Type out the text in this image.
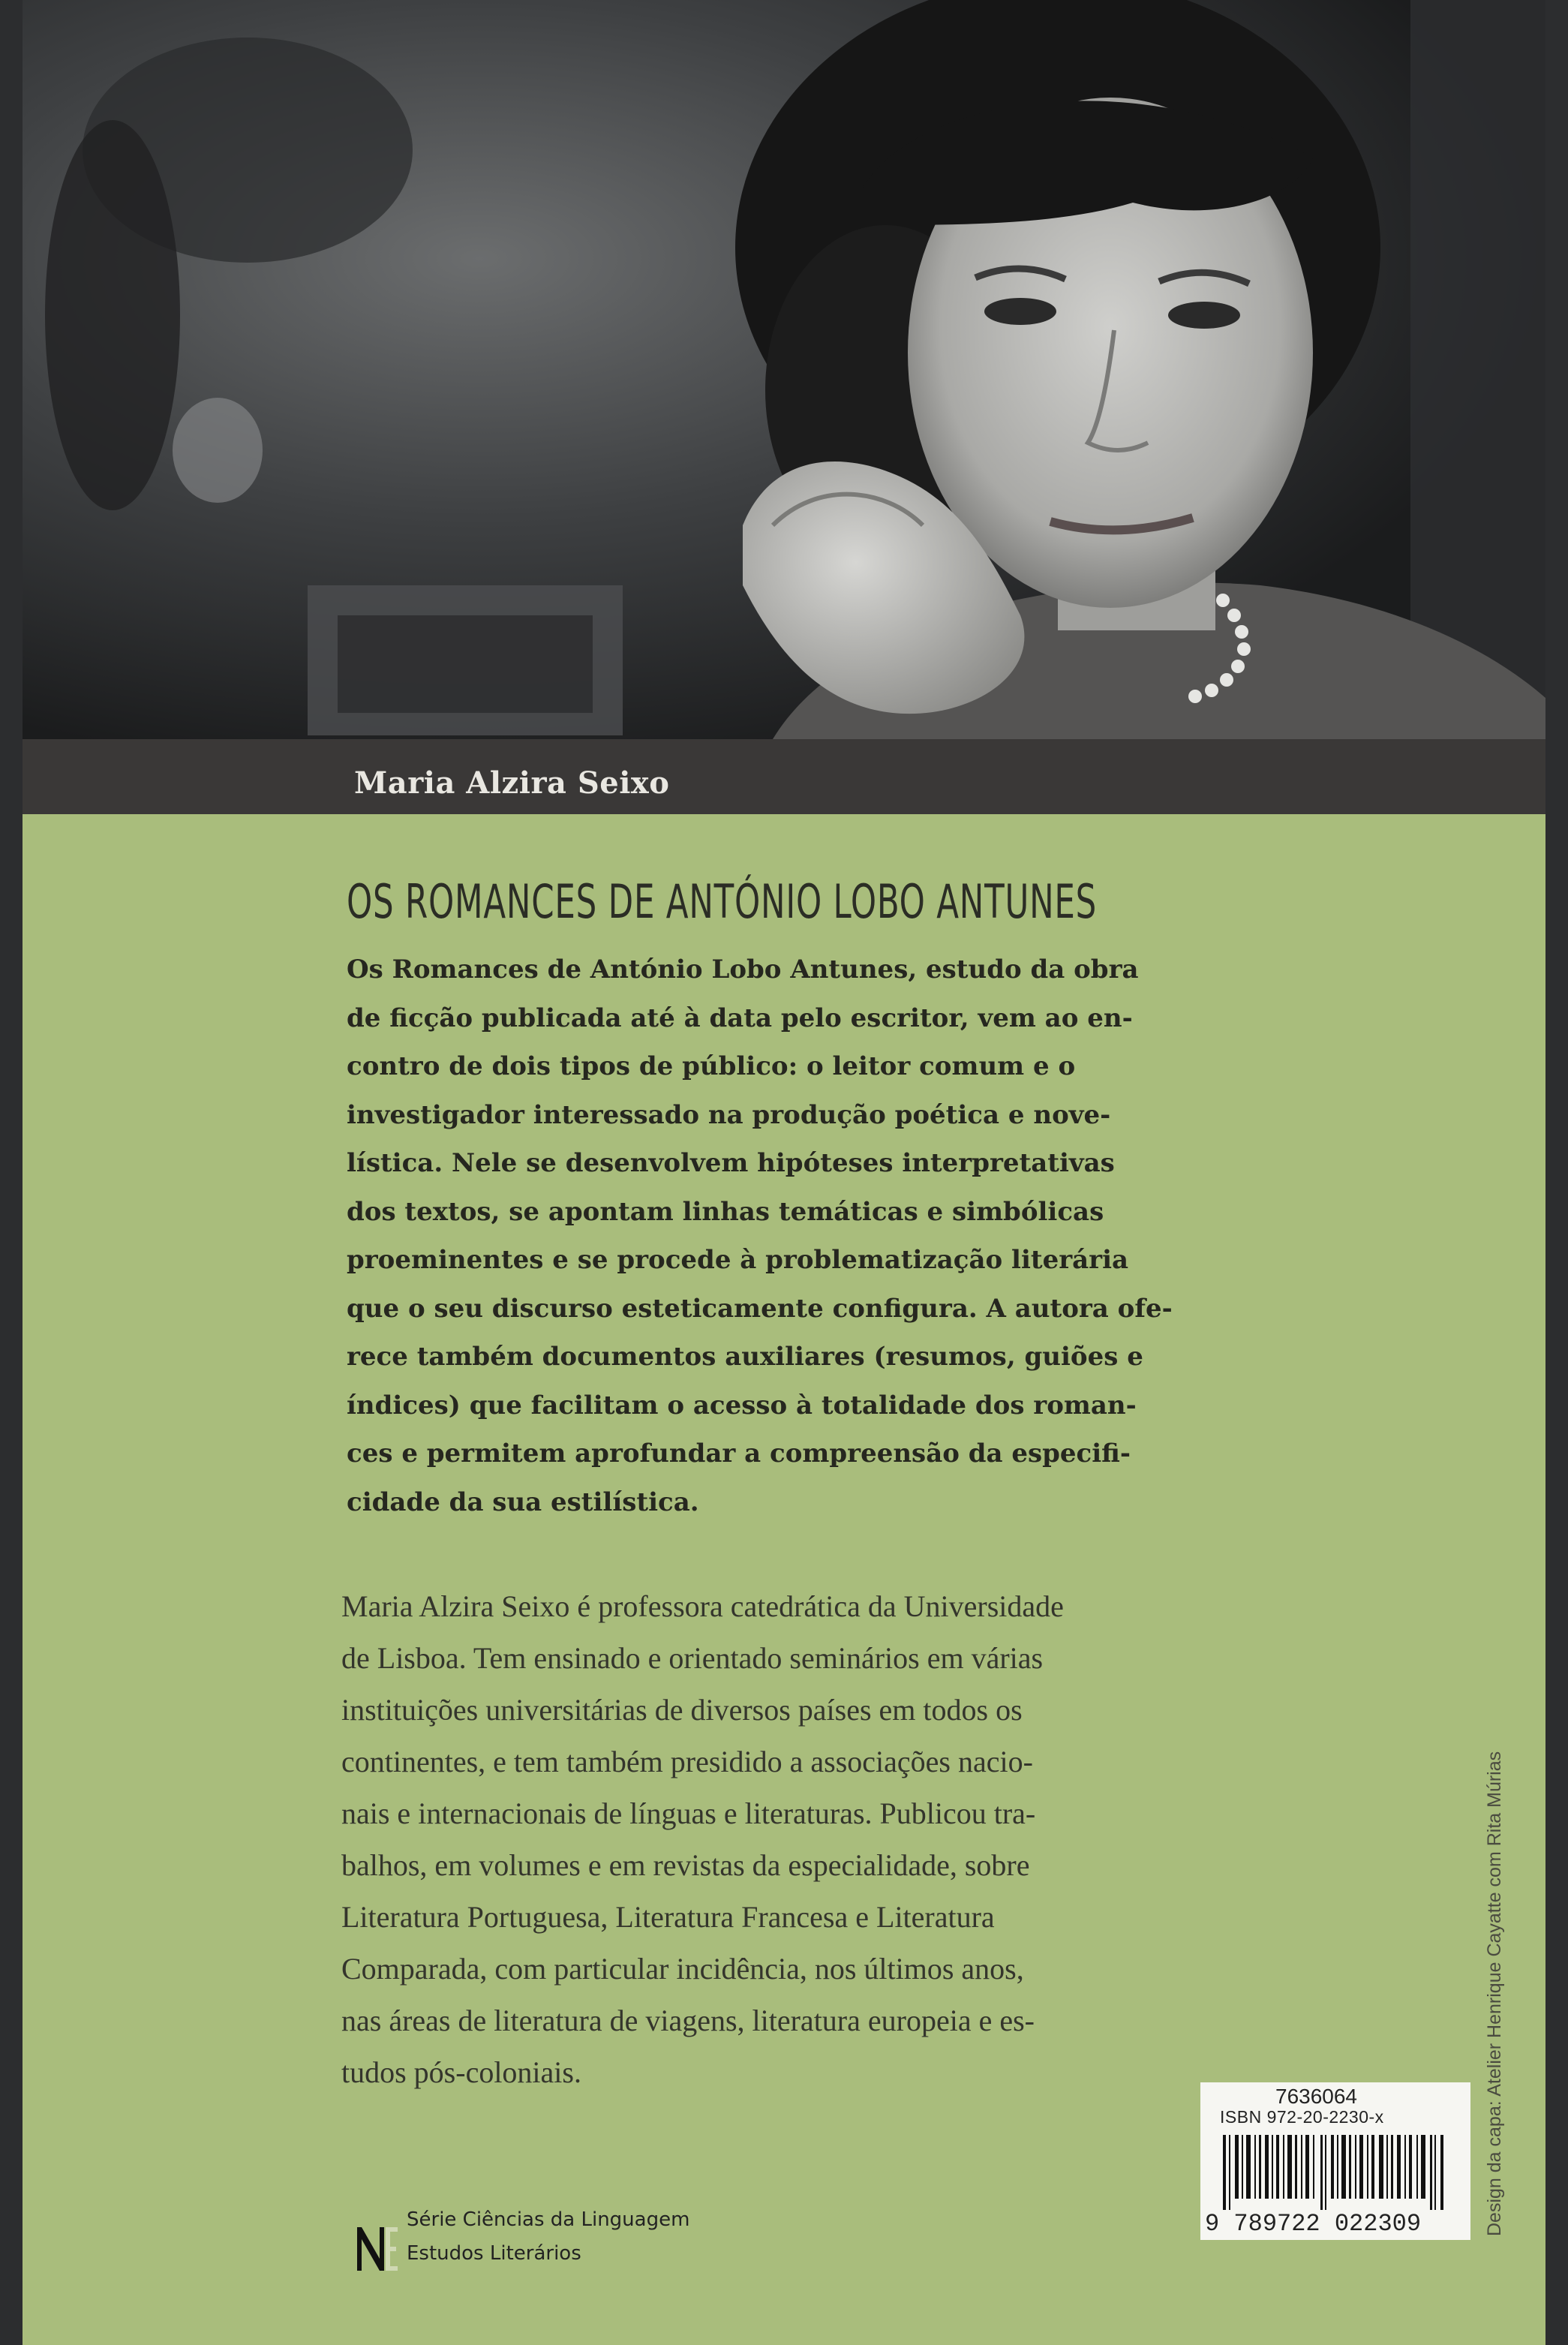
Maria Alzira Seixo
OS ROMANCES DE ANTÓNIO LOBO ANTUNES

Os Romances de António Lobo Antunes, estudo da obra

de ficção publicada até à data pelo escritor, vem ao en-

contro de dois tipos de público: o leitor comum e o

investigador interessado na produção poética e nove-

lística. Nele se desenvolvem hipóteses interpretativas

dos textos, se apontam linhas temáticas e simbólicas

proeminentes e se procede à problematização literária

que o seu discurso esteticamente configura. A autora ofe-

rece também documentos auxiliares (resumos, guiões e

índices) que facilitam o acesso à totalidade dos roman-

ces e permitem aprofundar a compreensão da especifi-

cidade da sua estilística.

Maria Alzira Seixo é professora catedrática da Universidade

de Lisboa. Tem ensinado e orientado seminários em várias

instituições universitárias de diversos países em todos os

continentes, e tem também presidido a associações nacio-

nais e internacionais de línguas e literaturas. Publicou tra-

balhos, em volumes e em revistas da especialidade, sobre

Literatura Portuguesa, Literatura Francesa e Literatura

Comparada, com particular incidência, nos últimos anos,

nas áreas de literatura de viagens, literatura europeia e es-

tudos pós-coloniais.	Design da capa: Atelier Henrique Cayatte com Rita Múrias
7636064
ISBN 972-20-2230-x
9 789722 022309
Série Ciências da Linguagem
Estudos Literários
